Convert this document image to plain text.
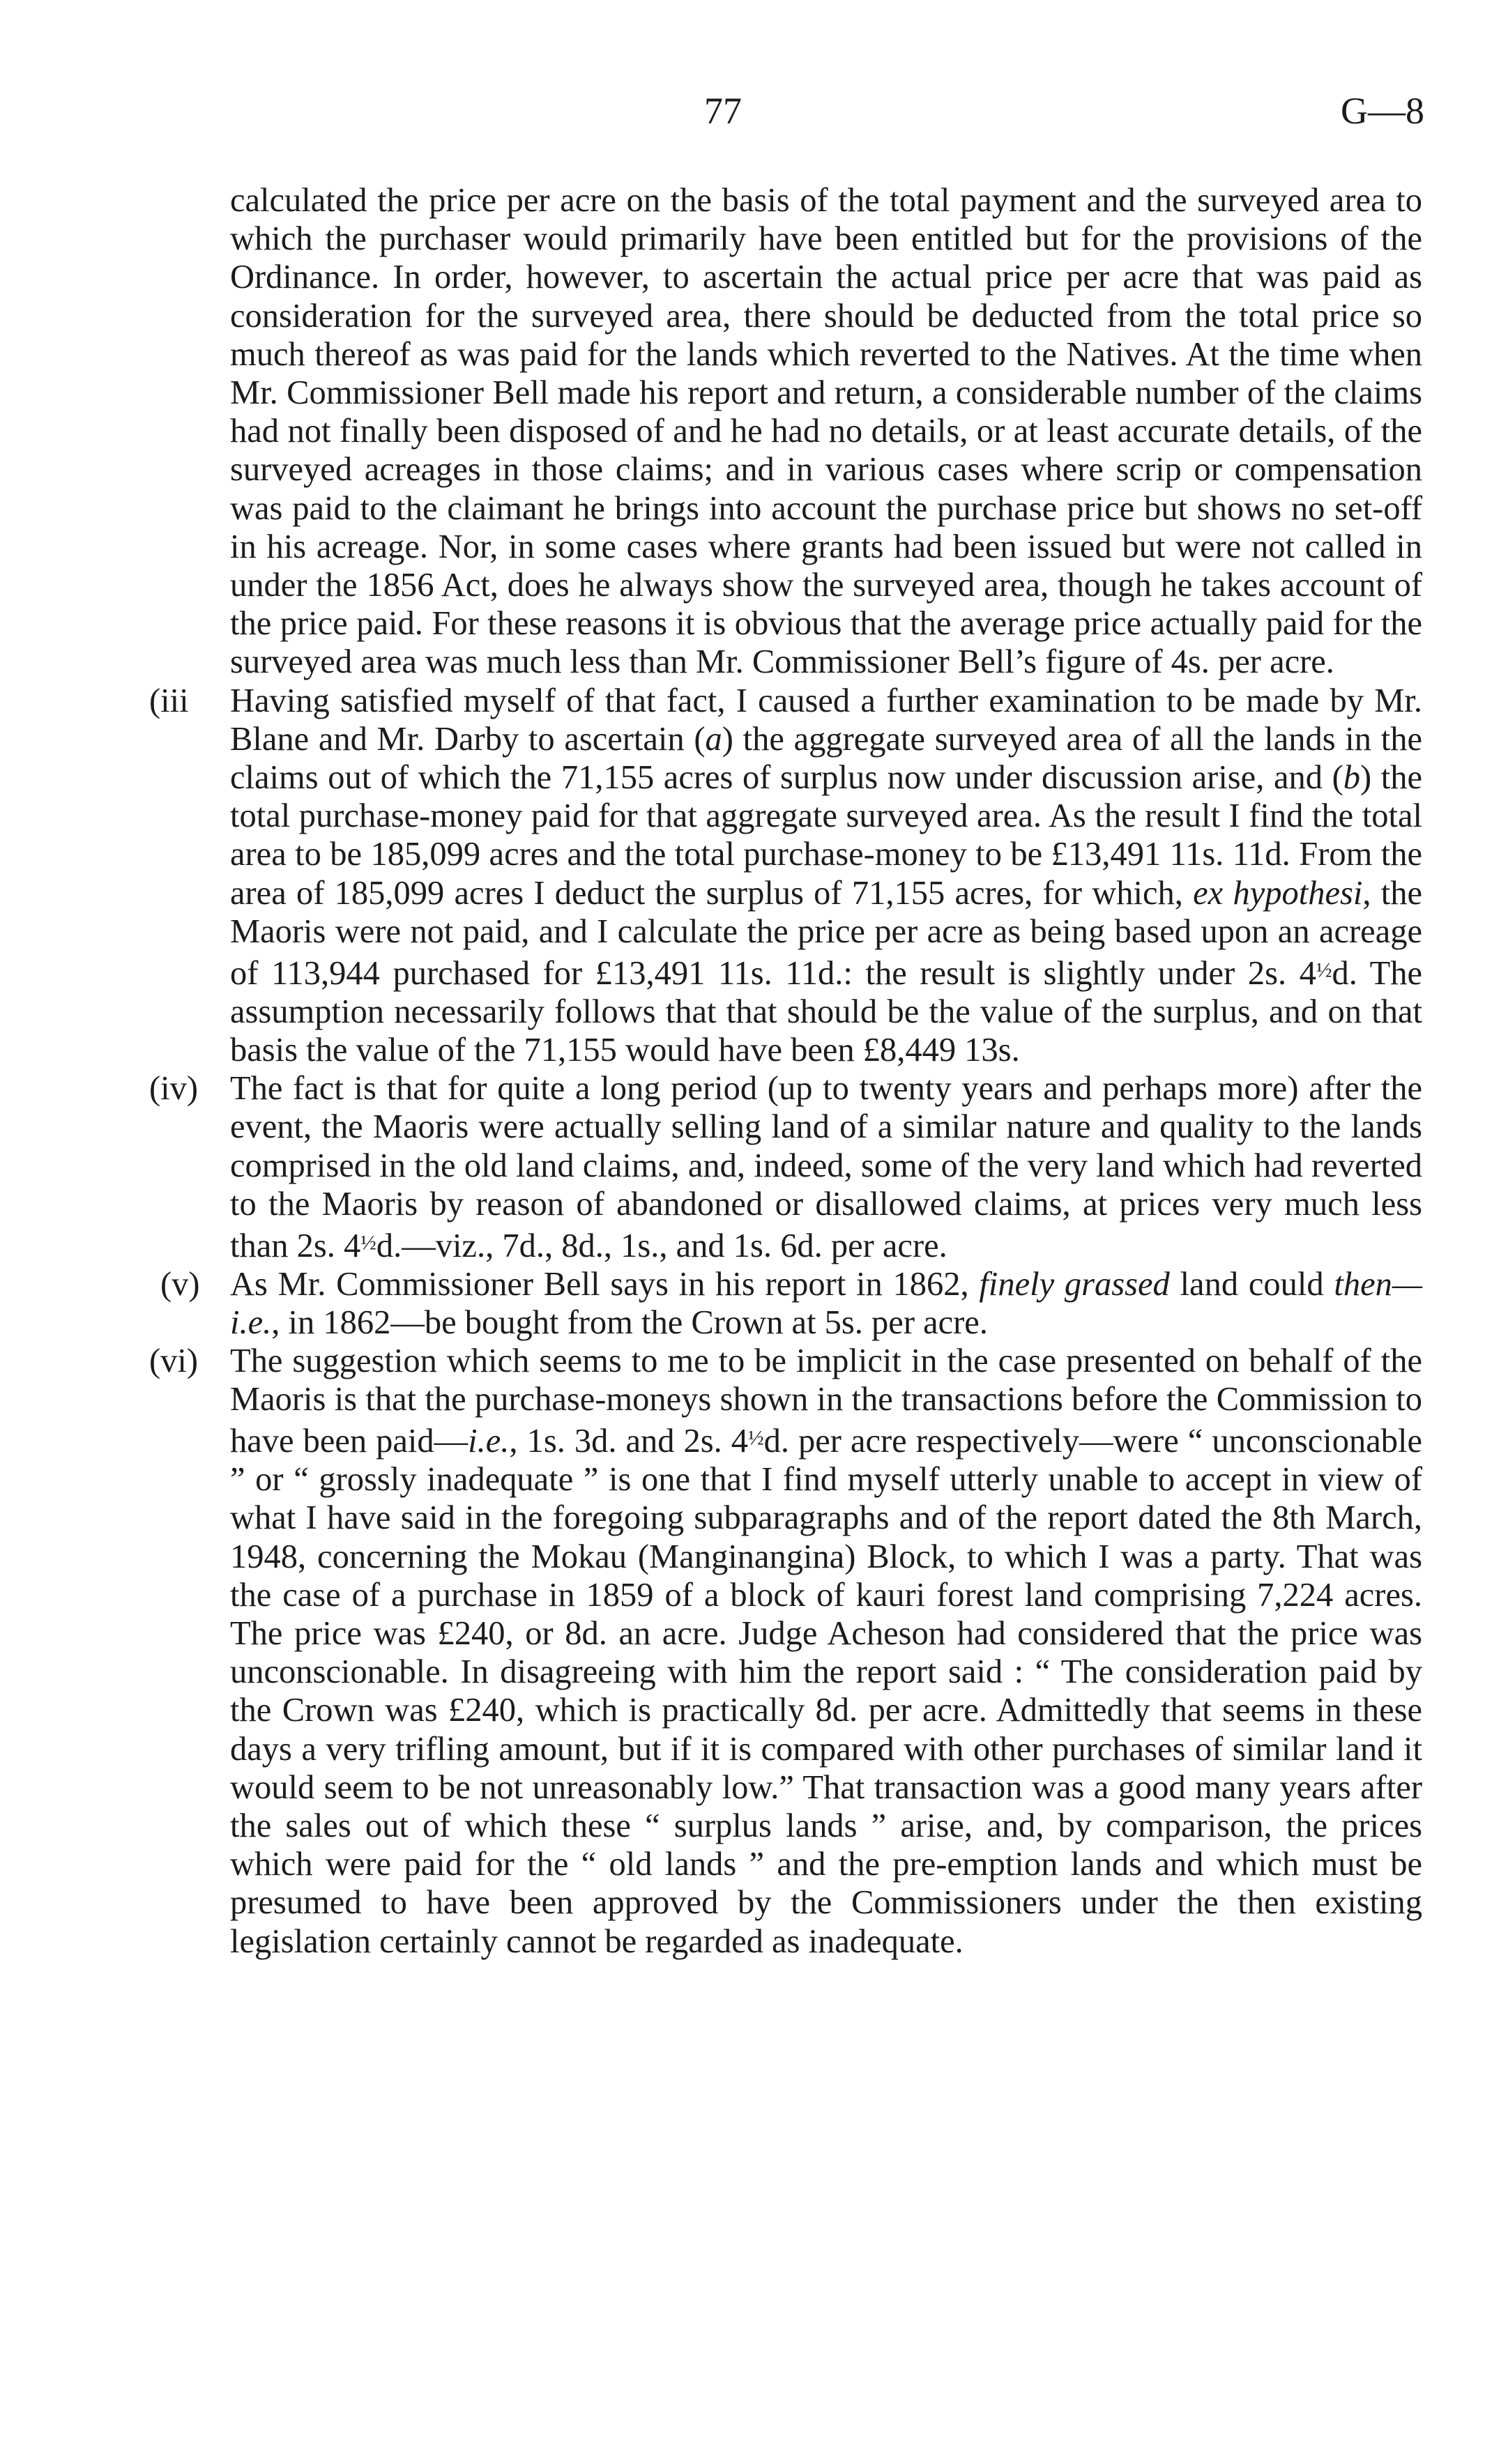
77	G—8

calculated the price per acre on the basis of the total payment and the surveyed area to which the purchaser would primarily have been entitled but for the provisions of the Ordinance. In order, however, to ascertain the actual price per acre that was paid as consideration for the surveyed area, there should be deducted from the total price so much thereof as was paid for the lands which reverted to the Natives. At the time when Mr. Commissioner Bell made his report and return, a considerable number of the claims had not finally been disposed of and he had no details, or at least accurate details, of the surveyed acreages in those claims; and in various cases where scrip or compensation was paid to the claimant he brings into account the purchase price but shows no set-off in his acreage. Nor, in some cases where grants had been issued but were not called in under the 1856 Act, does he always show the surveyed area, though he takes account of the price paid. For these reasons it is obvious that the average price actually paid for the surveyed area was much less than Mr. Commissioner Bell’s figure of 4s. per acre.

(iii	Having satisfied myself of that fact, I caused a further examination to be made by Mr. Blane and Mr. Darby to ascertain (a) the aggregate surveyed area of all the lands in the claims out of which the 71,155 acres of surplus now under discussion arise, and (b) the total purchase-money paid for that aggregate surveyed area. As the result I find the total area to be 185,099 acres and the total purchase-money to be £13,491 11s. 11d. From the area of 185,099 acres I deduct the surplus of 71,155 acres, for which, ex hypothesi, the Maoris were not paid, and I calculate the price per acre as being based upon an acreage of 113,944 purchased for £13,491 11s. 11d.: the result is slightly under 2s. $4^{\frac{1}{2}}d$. The assumption necessarily follows that that should be the value of the surplus, and on that basis the value of the 71,155 would have been £8,449 13s.

(iv) The fact is that for quite a long period (up to twenty years and perhaps more) after the event, the Maoris were actually selling land of a similar nature and quality to the lands comprised in the old land claims, and, indeed, some of the very land which had reverted to the Maoris by reason of abandoned or disallowed claims, at prices very much less than 2s. $4^{\frac{1}{2}}d.—viz$., 7d., 8d., 1s., and 1s. 6d. per acre.

(v) As Mr. Commissioner Bell says in his report in 1862, finely grassed land could then—i.e., in 1862—be bought from the Crown at 5s. per acre.

(vi) The suggestion which seems to me to be implicit in the case presented on behalf of the Maoris is that the purchase-moneys shown in the transactions before the Commission to have been paid—i.e., 1s. 3d. and 2s. $4^{\frac{1}{2}}d$. per acre respectively—were “ unconscionable ” or “ grossly inadequate ” is one that I find myself utterly unable to accept in view of what I have said in the foregoing subparagraphs and of the report dated the 8th March, 1948, concerning the Mokau (Manginangina) Block, to which I was a party. That was the case of a purchase in 1859 of a block of kauri forest land comprising 7,224 acres. The price was £240, or 8d. an acre. Judge Acheson had considered that the price was unconscionable. In disagreeing with him the report said : “ The consideration paid by the Crown was £240, which is practically 8d. per acre. Admittedly that seems in these days a very trifling amount, but if it is compared with other purchases of similar land it would seem to be not unreasonably low.” That transaction was a good many years after the sales out of which these “ surplus lands ” arise, and, by comparison, the prices which were paid for the “ old lands ” and the pre-emption lands and which must be presumed to have been approved by the Commissioners under the then existing legislation certainly cannot be regarded as inadequate.
